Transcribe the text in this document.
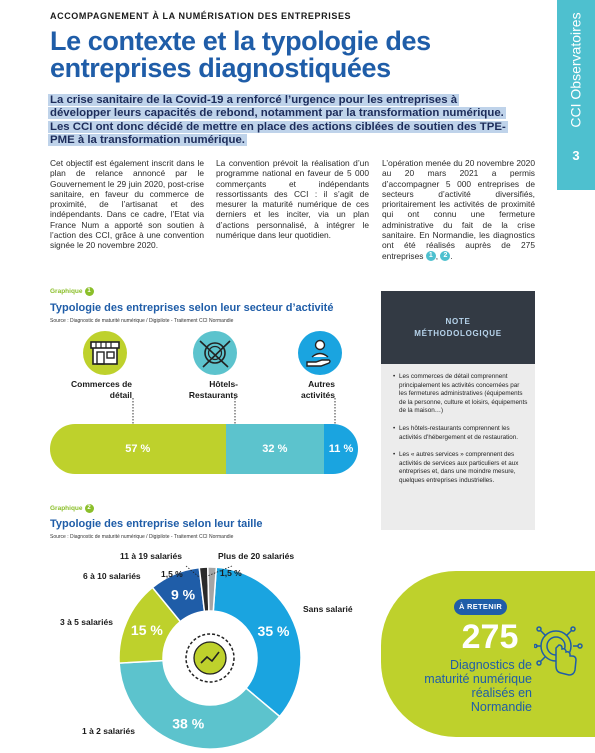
ACCOMPAGNEMENT À LA NUMÉRISATION DES ENTREPRISES
Le contexte et la typologie des entreprises diagnostiquées	CCI Observatoires
3
La crise sanitaire de la Covid-19 a renforcé l’urgence pour les entreprises à développer leurs capacités de rebond, notamment par la transformation numérique. Les CCI ont donc décidé de mettre en place des actions ciblées de soutien des TPE-PME à la transformation numérique.
Cet objectif est également inscrit dans le plan de relance annoncé par le Gouvernement le 29 juin 2020, post-crise sanitaire, en faveur du commerce de proximité, de l’artisanat et des indépendants. Dans ce cadre, l’Etat via France Num a apporté son soutien à l’action des CCI, grâce à une convention signée le 20 novembre 2020.
La convention prévoit la réalisation d’un programme national en faveur de 5 000 commerçants et indépendants ressortissants des CCI : il s’agit de mesurer la maturité numérique de ces derniers et les inciter, via un plan d’actions personnalisé, à intégrer le numérique dans leur quotidien.
L’opération menée du 20 novembre 2020 au 20 mars 2021 a permis d’accompagner 5 000 entreprises de secteurs d’activité diversifiés, prioritairement les activités de proximité qui ont connu une fermeture administrative du fait de la crise sanitaire. En Normandie, les diagnostics ont été réalisés auprès de 275 entreprises 1 , 2 .
Graphique 1
Typologie des entreprises selon leur secteur d’activité
Source : Diagnostic de maturité numérique / Digipilote - Traitement CCI Normandie
Commerces de détail
Hôtels-Restaurants
Autres activités
57 %	32 %	11 %
NOTE
MÉTHODOLOGIQUE
• Les commerces de détail comprennent principalement les activités concernées par les fermetures administratives (équipements de la personne, culture et loisirs, équipements de la maison…)
• Les hôtels-restaurants comprennent les activités d’hébergement et de restauration.
• Les « autres services » comprennent des activités de services aux particuliers et aux entreprises et, dans une moindre mesure, quelques entreprises industrielles.
Graphique 2
Typologie des entreprise selon leur taille
Source : Diagnostic de maturité numérique / Digipilote - Traitement CCI Normandie
35 %
38 %
15 %
9 %
11 à 19 salariés
1,5 %
Plus de 20 salariés
1,5 %
6 à 10 salariés
3 à 5 salariés
Sans salarié
1 à 2 salariés
À RETENIR
275
Diagnostics de maturité numérique réalisés en Normandie
